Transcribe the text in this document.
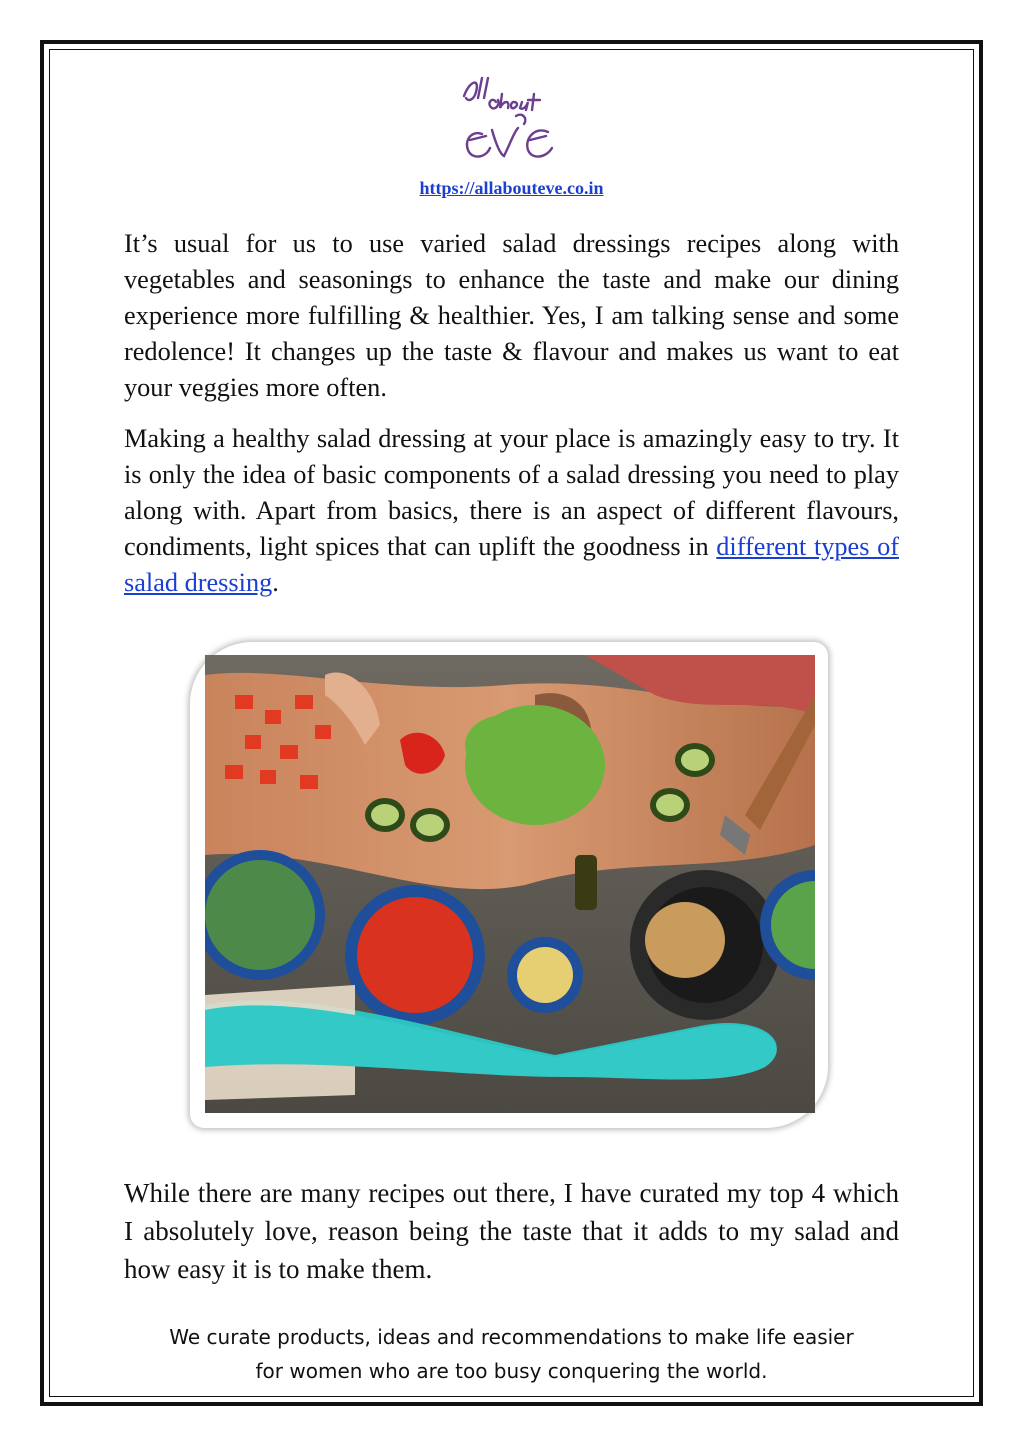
https://allabouteve.co.in

It’s usual for us to use varied salad dressings recipes along with vegetables and seasonings to enhance the taste and make our dining experience more fulfilling & healthier. Yes, I am talking sense and some redolence! It changes up the taste & flavour and makes us want to eat your veggies more often.

Making a healthy salad dressing at your place is amazingly easy to try. It is only the idea of basic components of a salad dressing you need to play along with. Apart from basics, there is an aspect of different flavours, condiments, light spices that can uplift the goodness in different types of salad dressing.

While there are many recipes out there, I have curated my top 4 which I absolutely love, reason being the taste that it adds to my salad and how easy it is to make them.

We curate products, ideas and recommendations to make life easier
for women who are too busy conquering the world.
